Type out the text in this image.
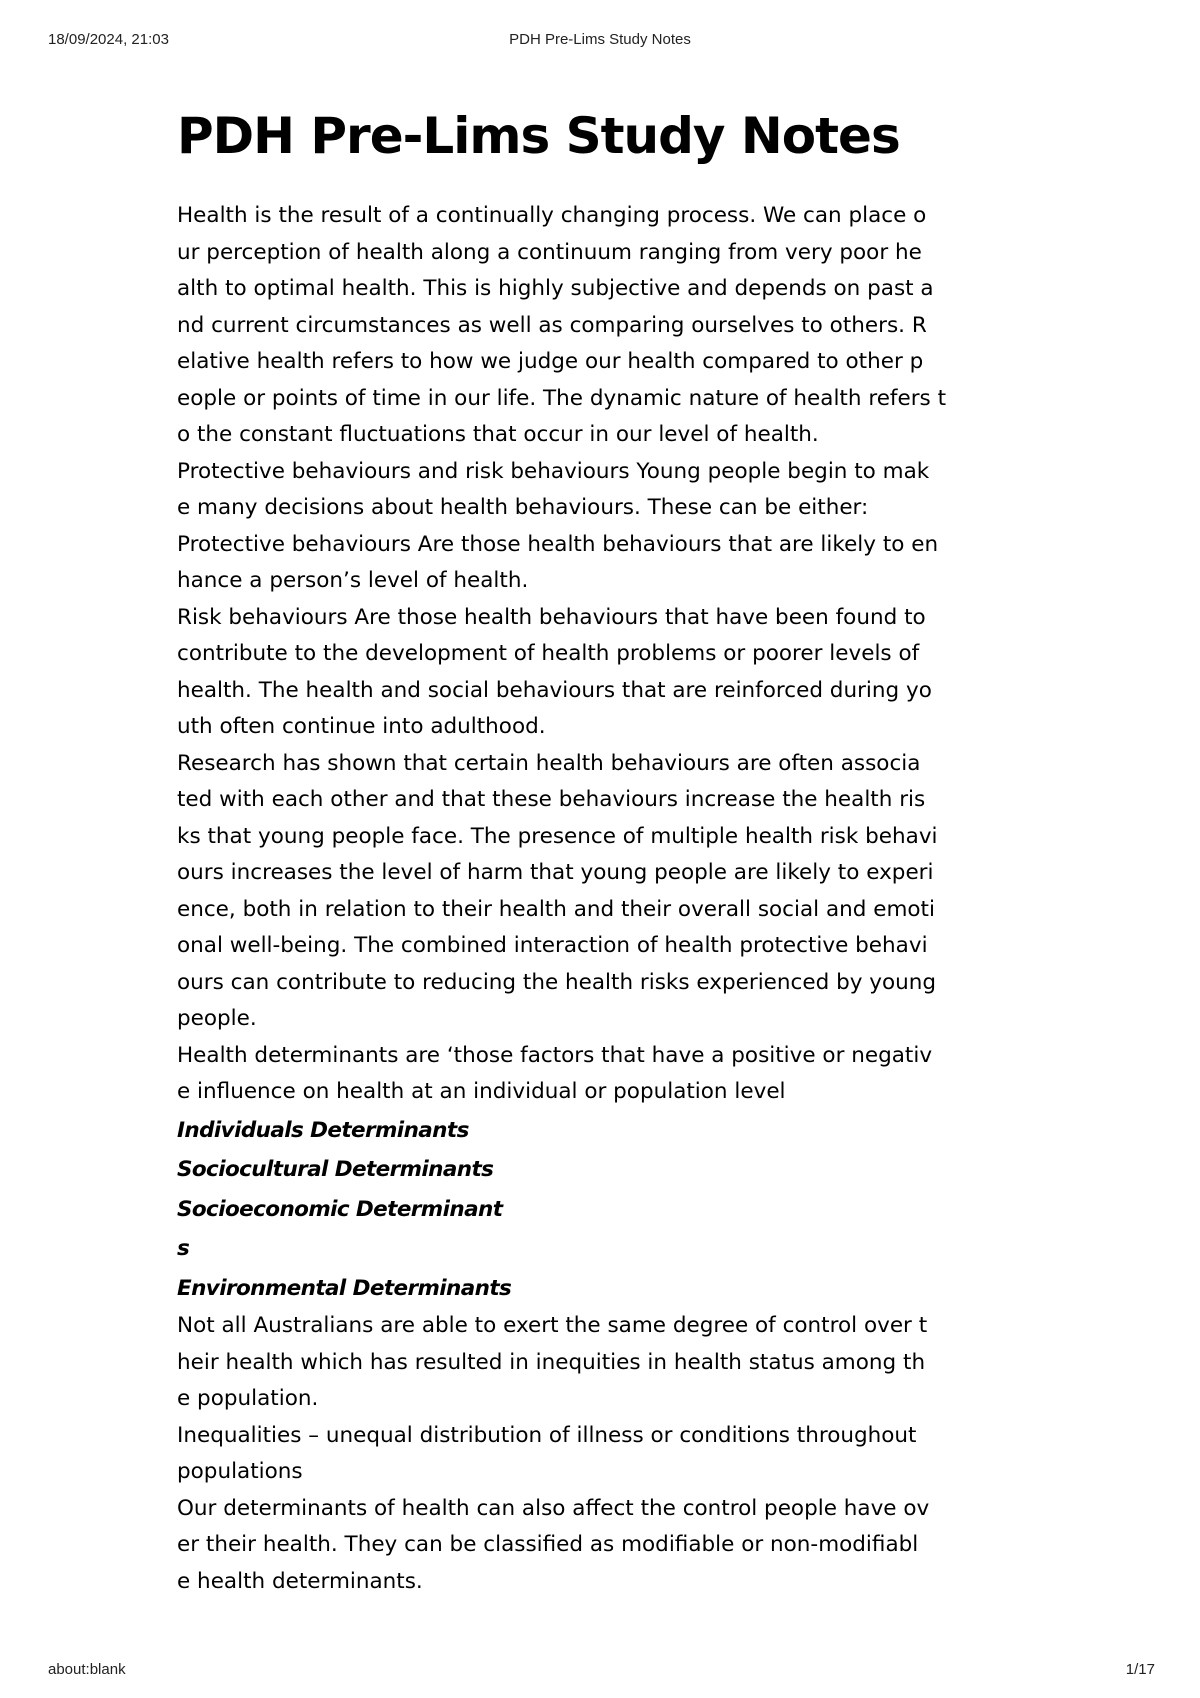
18/09/2024, 21:03	PDH Pre-Lims Study Notes
PDH Pre-Lims Study Notes
Health is the result of a continually changing process. We can place o
ur perception of health along a continuum ranging from very poor he
alth to optimal health. This is highly subjective and depends on past a
nd current circumstances as well as comparing ourselves to others. R
elative health refers to how we judge our health compared to other p
eople or points of time in our life. The dynamic nature of health refers t
o the constant fluctuations that occur in our level of health.
Protective behaviours and risk behaviours Young people begin to mak
e many decisions about health behaviours. These can be either:
Protective behaviours Are those health behaviours that are likely to en
hance a person’s level of health.
Risk behaviours Are those health behaviours that have been found to
contribute to the development of health problems or poorer levels of
health. The health and social behaviours that are reinforced during yo
uth often continue into adulthood.
Research has shown that certain health behaviours are often associa
ted with each other and that these behaviours increase the health ris
ks that young people face. The presence of multiple health risk behavi
ours increases the level of harm that young people are likely to experi
ence, both in relation to their health and their overall social and emoti
onal well-being. The combined interaction of health protective behavi
ours can contribute to reducing the health risks experienced by young
people.
Health determinants are ‘those factors that have a positive or negativ
e influence on health at an individual or population level
Individuals Determinants
Sociocultural Determinants
Socioeconomic Determinant
s
Environmental Determinants
Not all Australians are able to exert the same degree of control over t
heir health which has resulted in inequities in health status among th
e population.
Inequalities – unequal distribution of illness or conditions throughout
populations
Our determinants of health can also affect the control people have ov
er their health. They can be classified as modifiable or non-modifiabl
e health determinants.
about:blank	1/17
